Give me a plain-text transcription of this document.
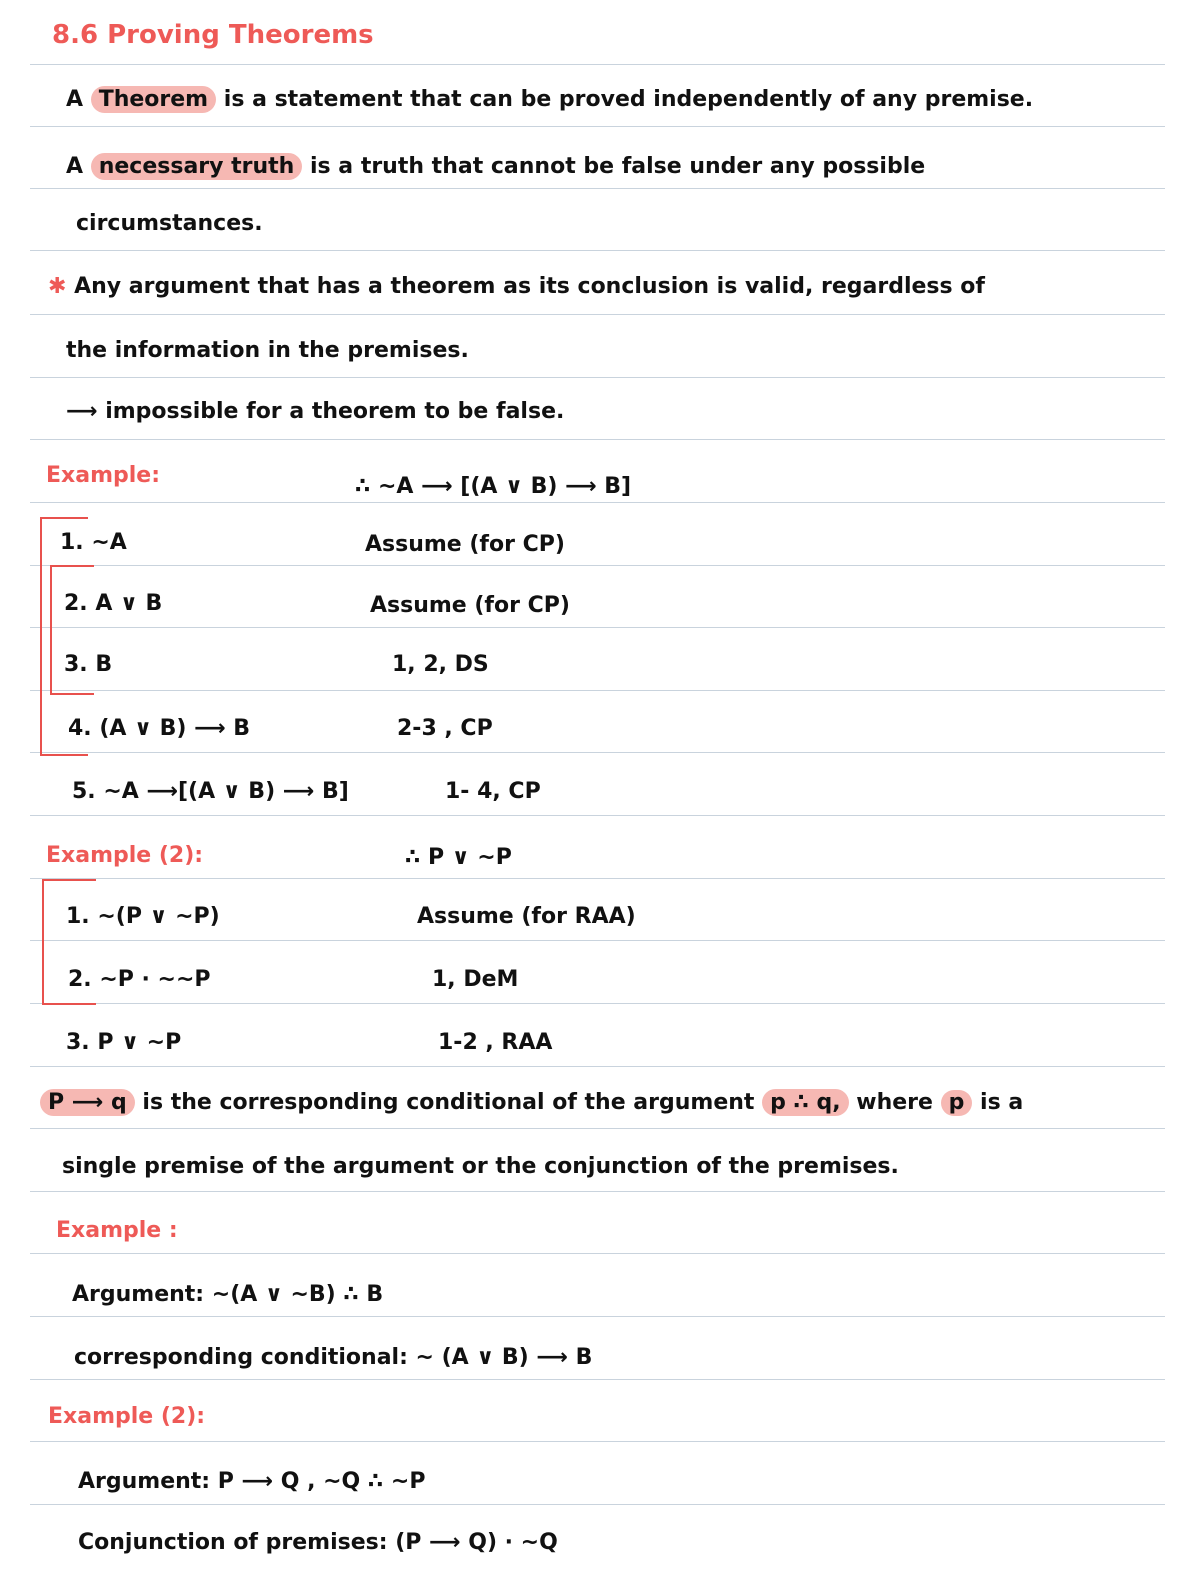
8.6 Proving Theorems
A Theorem is a statement that can be proved independently of any premise.
A necessary truth is a truth that cannot be false under any possible
circumstances.
✱ Any argument that has a theorem as its conclusion is valid, regardless of
the information in the premises.
⟶ impossible for a theorem to be false.
Example:	∴ ~A ⟶ [(A ∨ B) ⟶ B]
1. ~A	Assume (for CP)
2. A ∨ B	Assume (for CP)
3. B	1, 2, DS
4. (A ∨ B) ⟶ B	2-3 , CP
5. ~A ⟶[(A ∨ B) ⟶ B]	1- 4, CP
Example (2):	∴ P ∨ ~P
1. ~(P ∨ ~P)	Assume (for RAA)
2. ~P · ~~P	1, DeM
3. P ∨ ~P	1-2 , RAA
P ⟶ q is the corresponding conditional of the argument p ∴ q, where p is a
single premise of the argument or the conjunction of the premises.
Example :
Argument: ~(A ∨ ~B) ∴ B
corresponding conditional: ~ (A ∨ B) ⟶ B
Example (2):
Argument: P ⟶ Q , ~Q ∴ ~P
Conjunction of premises: (P ⟶ Q) · ~Q
